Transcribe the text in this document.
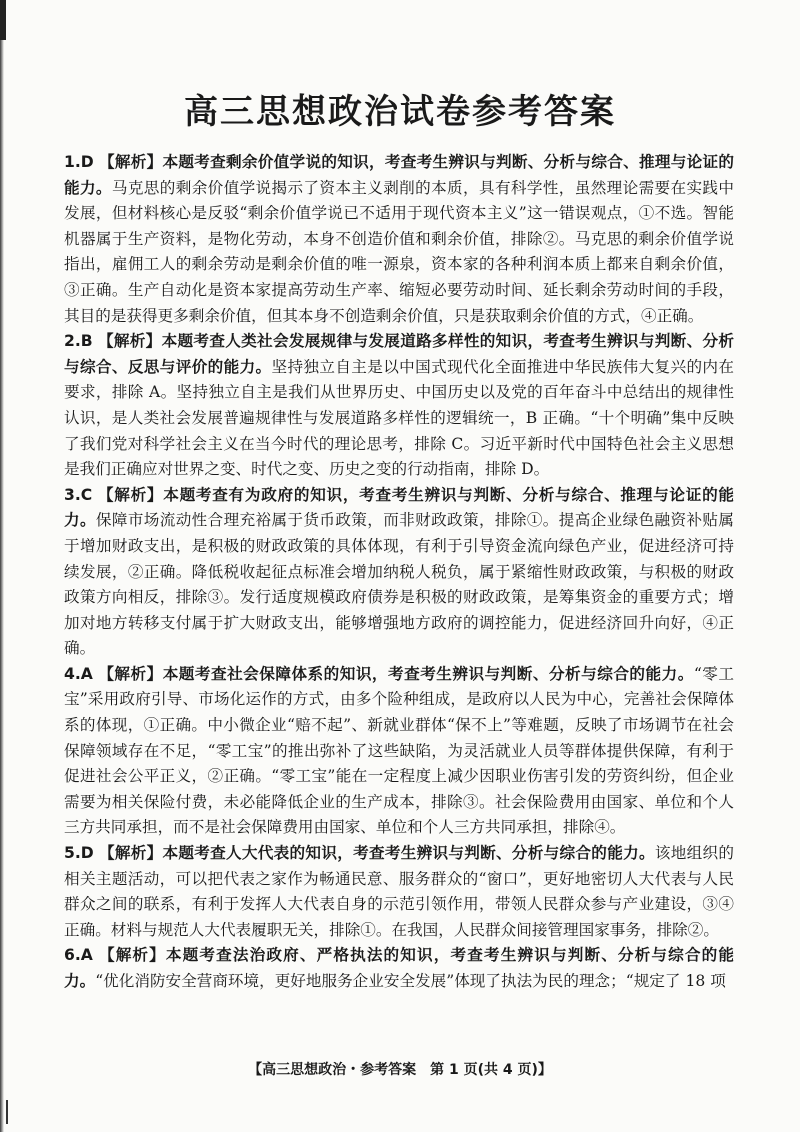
高三思想政治试卷参考答案

1.D 【解析】本题考查剩余价值学说的知识，考查考生辨识与判断、分析与综合、推理与论证的能力。马克思的剩余价值学说揭示了资本主义剥削的本质，具有科学性，虽然理论需要在实践中发展，但材料核心是反驳“剩余价值学说已不适用于现代资本主义”这一错误观点，①不选。智能机器属于生产资料，是物化劳动，本身不创造价值和剩余价值，排除②。马克思的剩余价值学说指出，雇佣工人的剩余劳动是剩余价值的唯一源泉，资本家的各种利润本质上都来自剩余价值，③正确。生产自动化是资本家提高劳动生产率、缩短必要劳动时间、延长剩余劳动时间的手段，其目的是获得更多剩余价值，但其本身不创造剩余价值，只是获取剩余价值的方式，④正确。

2.B 【解析】本题考查人类社会发展规律与发展道路多样性的知识，考查考生辨识与判断、分析与综合、反思与评价的能力。坚持独立自主是以中国式现代化全面推进中华民族伟大复兴的内在要求，排除 A。坚持独立自主是我们从世界历史、中国历史以及党的百年奋斗中总结出的规律性认识，是人类社会发展普遍规律性与发展道路多样性的逻辑统一，B 正确。“十个明确”集中反映了我们党对科学社会主义在当今时代的理论思考，排除 C。习近平新时代中国特色社会主义思想是我们正确应对世界之变、时代之变、历史之变的行动指南，排除 D。

3.C 【解析】本题考查有为政府的知识，考查考生辨识与判断、分析与综合、推理与论证的能力。保障市场流动性合理充裕属于货币政策，而非财政政策，排除①。提高企业绿色融资补贴属于增加财政支出，是积极的财政政策的具体体现，有利于引导资金流向绿色产业，促进经济可持续发展，②正确。降低税收起征点标准会增加纳税人税负，属于紧缩性财政政策，与积极的财政政策方向相反，排除③。发行适度规模政府债券是积极的财政政策，是筹集资金的重要方式；增加对地方转移支付属于扩大财政支出，能够增强地方政府的调控能力，促进经济回升向好，④正确。

4.A 【解析】本题考查社会保障体系的知识，考查考生辨识与判断、分析与综合的能力。“零工宝”采用政府引导、市场化运作的方式，由多个险种组成，是政府以人民为中心，完善社会保障体系的体现，①正确。中小微企业“赔不起”、新就业群体“保不上”等难题，反映了市场调节在社会保障领域存在不足，“零工宝”的推出弥补了这些缺陷，为灵活就业人员等群体提供保障，有利于促进社会公平正义，②正确。“零工宝”能在一定程度上减少因职业伤害引发的劳资纠纷，但企业需要为相关保险付费，未必能降低企业的生产成本，排除③。社会保险费用由国家、单位和个人三方共同承担，而不是社会保障费用由国家、单位和个人三方共同承担，排除④。

5.D 【解析】本题考查人大代表的知识，考查考生辨识与判断、分析与综合的能力。该地组织的相关主题活动，可以把代表之家作为畅通民意、服务群众的“窗口”，更好地密切人大代表与人民群众之间的联系，有利于发挥人大代表自身的示范引领作用，带领人民群众参与产业建设，③④正确。材料与规范人大代表履职无关，排除①。在我国，人民群众间接管理国家事务，排除②。

6.A 【解析】本题考查法治政府、严格执法的知识，考查考生辨识与判断、分析与综合的能力。“优化消防安全营商环境，更好地服务企业安全发展”体现了执法为民的理念；“规定了 18 项

【高三思想政治・参考答案　第 1 页(共 4 页)】
